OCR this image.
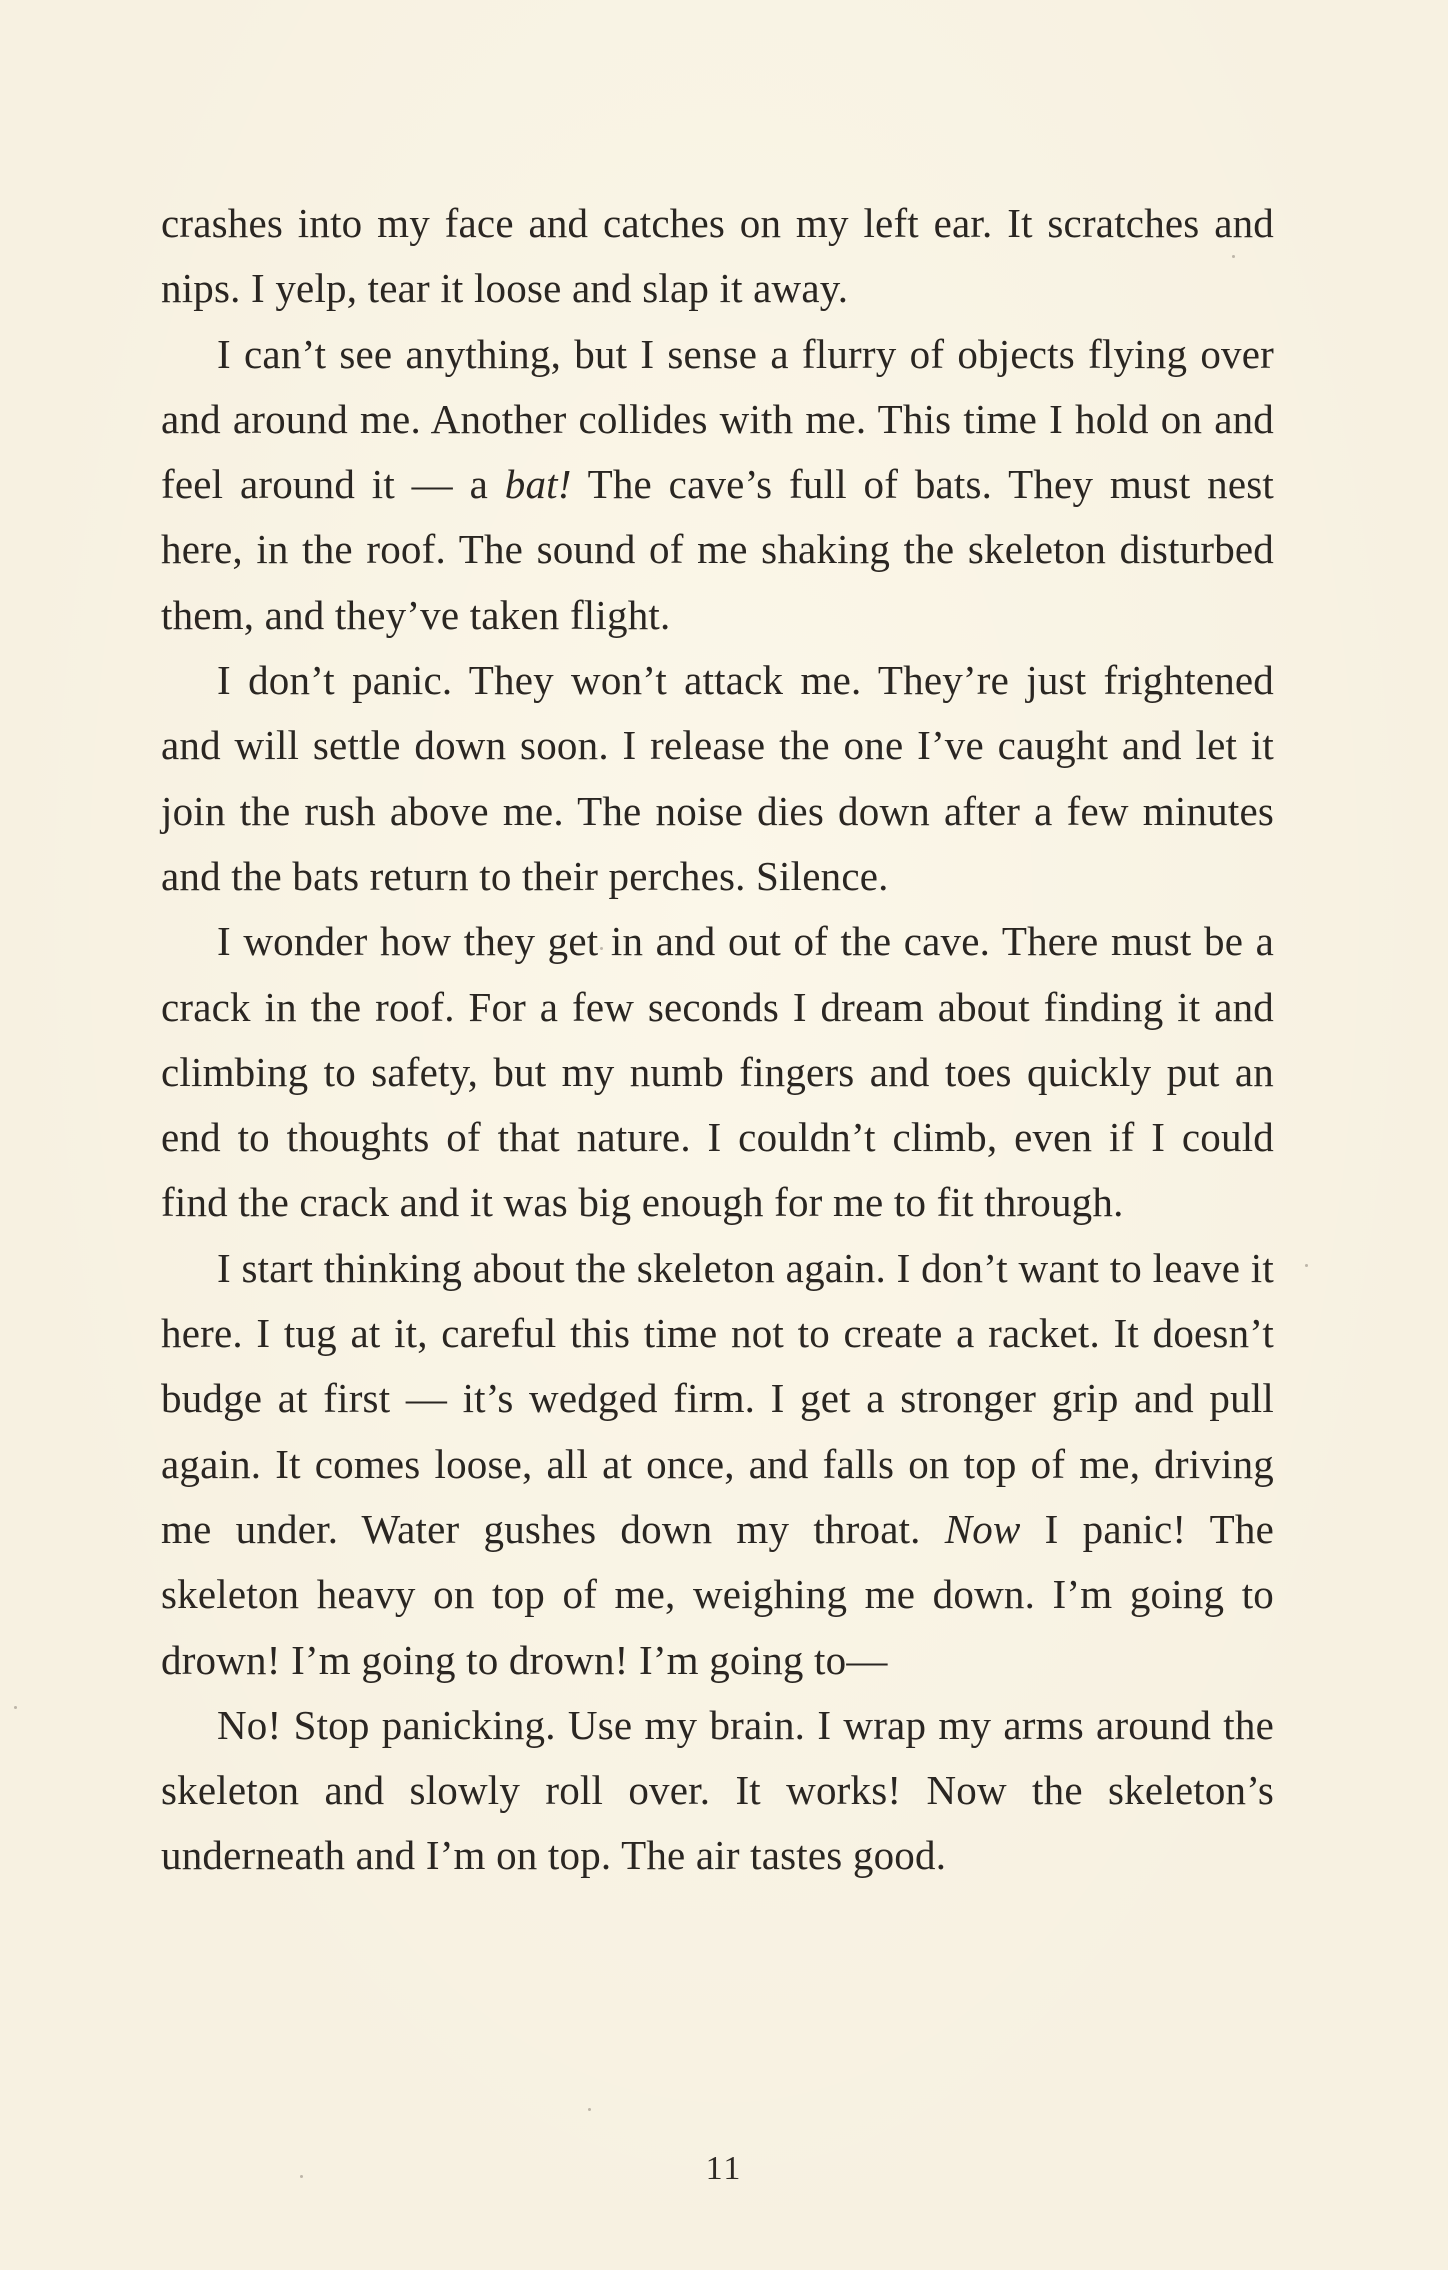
crashes into my face and catches on my left ear. It scratches and nips. I yelp, tear it loose and slap it away.

I can’t see anything, but I sense a flurry of objects flying over and around me. Another collides with me. This time I hold on and feel around it — a bat! The cave’s full of bats. They must nest here, in the roof. The sound of me shaking the skeleton disturbed them, and they’ve taken flight.

I don’t panic. They won’t attack me. They’re just frightened and will settle down soon. I release the one I’ve caught and let it join the rush above me. The noise dies down after a few minutes and the bats return to their perches. Silence.

I wonder how they get in and out of the cave. There must be a crack in the roof. For a few seconds I dream about finding it and climbing to safety, but my numb fingers and toes quickly put an end to thoughts of that nature. I couldn’t climb, even if I could find the crack and it was big enough for me to fit through.

I start thinking about the skeleton again. I don’t want to leave it here. I tug at it, careful this time not to create a racket. It doesn’t budge at first — it’s wedged firm. I get a stronger grip and pull again. It comes loose, all at once, and falls on top of me, driving me under. Water gushes down my throat. Now I panic! The skeleton heavy on top of me, weighing me down. I’m going to drown! I’m going to drown! I’m going to—

No! Stop panicking. Use my brain. I wrap my arms around the skeleton and slowly roll over. It works! Now the skeleton’s underneath and I’m on top. The air tastes good.

11
